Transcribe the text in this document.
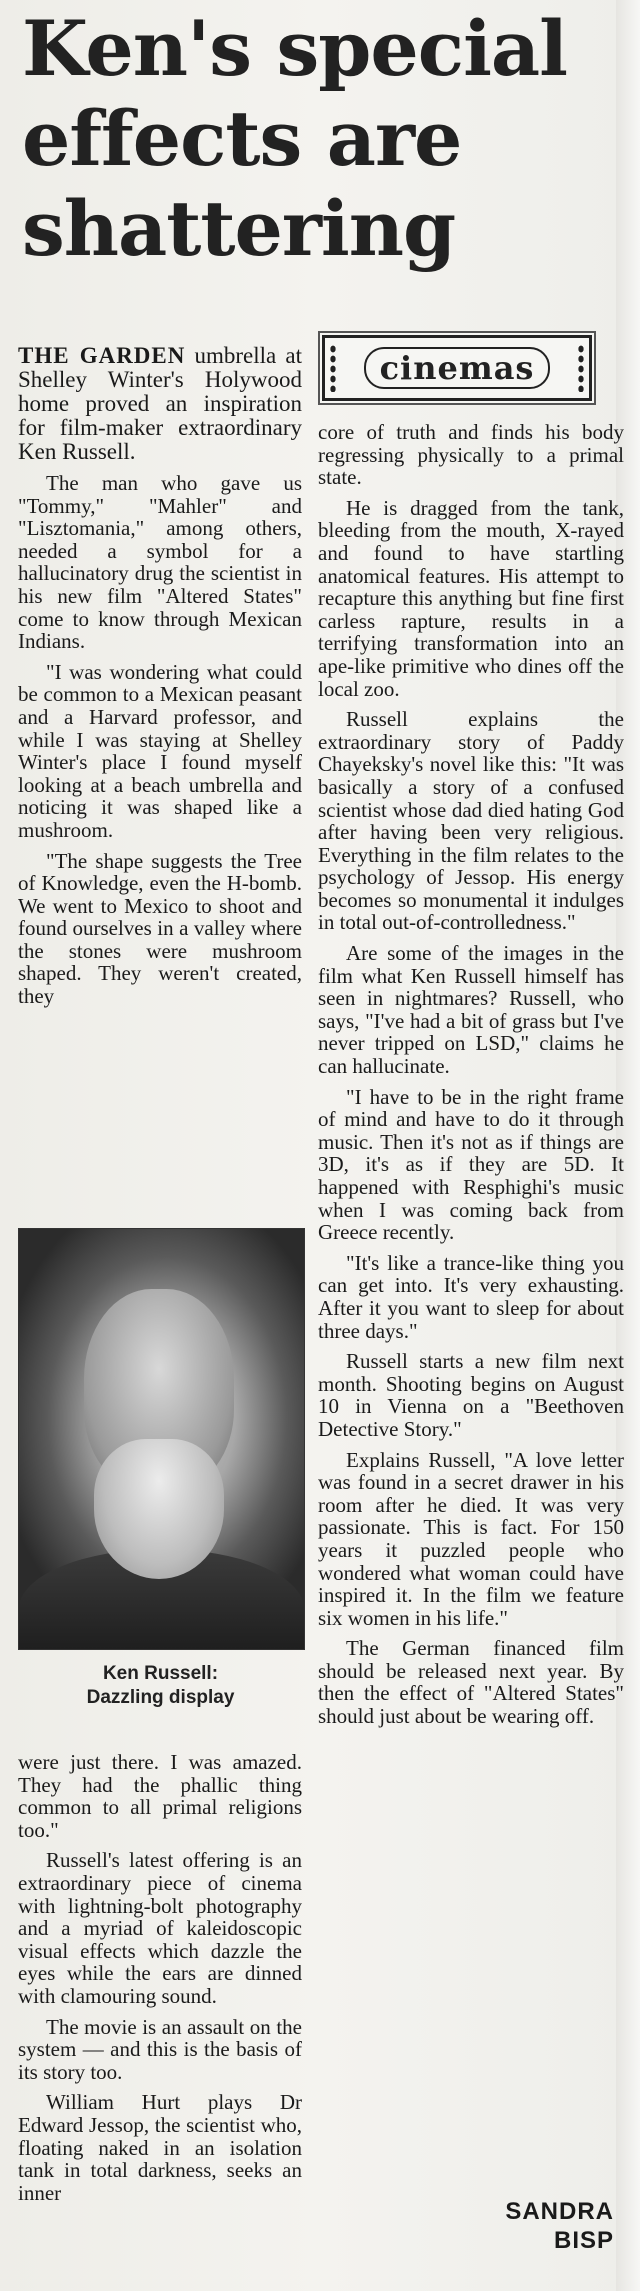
Ken's special
effects are
shattering
cinemas

THE GARDEN umbrella at Shelley Winter's Holywood home proved an inspiration for film-maker extraordinary Ken Russell.

The man who gave us "Tommy," "Mahler" and "Lisztomania," among others, needed a symbol for a hallucinatory drug the scientist in his new film "Altered States" come to know through Mexican Indians.

"I was wondering what could be common to a Mexican peasant and a Harvard professor, and while I was staying at Shelley Winter's place I found myself looking at a beach umbrella and noticing it was shaped like a mushroom.

"The shape suggests the Tree of Knowledge, even the H-bomb. We went to Mexico to shoot and found ourselves in a valley where the stones were mushroom shaped. They weren't created, they

Ken Russell:
Dazzling display

were just there. I was amazed. They had the phallic thing common to all primal religions too."

Russell's latest offering is an extraordinary piece of cinema with lightning-bolt photography and a myriad of kaleidoscopic visual effects which dazzle the eyes while the ears are dinned with clamouring sound.

The movie is an assault on the system — and this is the basis of its story too.

William Hurt plays Dr Edward Jessop, the scientist who, floating naked in an isolation tank in total darkness, seeks an inner

core of truth and finds his body regressing physically to a primal state.

He is dragged from the tank, bleeding from the mouth, X-rayed and found to have startling anatomical features. His attempt to recapture this anything but fine first carless rapture, results in a terrifying transformation into an ape-like primitive who dines off the local zoo.

Russell explains the extraordinary story of Paddy Chayeksky's novel like this: "It was basically a story of a confused scientist whose dad died hating God after having been very religious. Everything in the film relates to the psychology of Jessop. His energy becomes so monumental it indulges in total out-of-controlledness."

Are some of the images in the film what Ken Russell himself has seen in nightmares? Russell, who says, "I've had a bit of grass but I've never tripped on LSD," claims he can hallucinate.

"I have to be in the right frame of mind and have to do it through music. Then it's not as if things are 3D, it's as if they are 5D. It happened with Resphighi's music when I was coming back from Greece recently.

"It's like a trance-like thing you can get into. It's very exhausting. After it you want to sleep for about three days."

Russell starts a new film next month. Shooting begins on August 10 in Vienna on a "Beethoven Detective Story."

Explains Russell, "A love letter was found in a secret drawer in his room after he died. It was very passionate. This is fact. For 150 years it puzzled people who wondered what woman could have inspired it. In the film we feature six women in his life."

The German financed film should be released next year. By then the effect of "Altered States" should just about be wearing off.

SANDRA
BISP
